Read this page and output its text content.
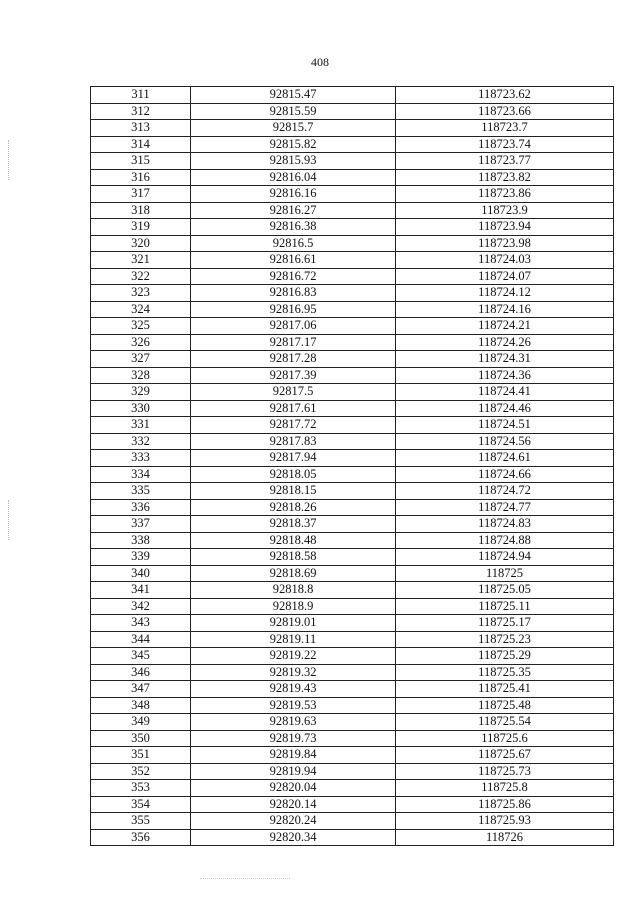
408
311	92815.47	118723.62
312	92815.59	118723.66
313	92815.7	118723.7
314	92815.82	118723.74
315	92815.93	118723.77
316	92816.04	118723.82
317	92816.16	118723.86
318	92816.27	118723.9
319	92816.38	118723.94
320	92816.5	118723.98
321	92816.61	118724.03
322	92816.72	118724.07
323	92816.83	118724.12
324	92816.95	118724.16
325	92817.06	118724.21
326	92817.17	118724.26
327	92817.28	118724.31
328	92817.39	118724.36
329	92817.5	118724.41
330	92817.61	118724.46
331	92817.72	118724.51
332	92817.83	118724.56
333	92817.94	118724.61
334	92818.05	118724.66
335	92818.15	118724.72
336	92818.26	118724.77
337	92818.37	118724.83
338	92818.48	118724.88
339	92818.58	118724.94
340	92818.69	118725
341	92818.8	118725.05
342	92818.9	118725.11
343	92819.01	118725.17
344	92819.11	118725.23
345	92819.22	118725.29
346	92819.32	118725.35
347	92819.43	118725.41
348	92819.53	118725.48
349	92819.63	118725.54
350	92819.73	118725.6
351	92819.84	118725.67
352	92819.94	118725.73
353	92820.04	118725.8
354	92820.14	118725.86
355	92820.24	118725.93
356	92820.34	118726
